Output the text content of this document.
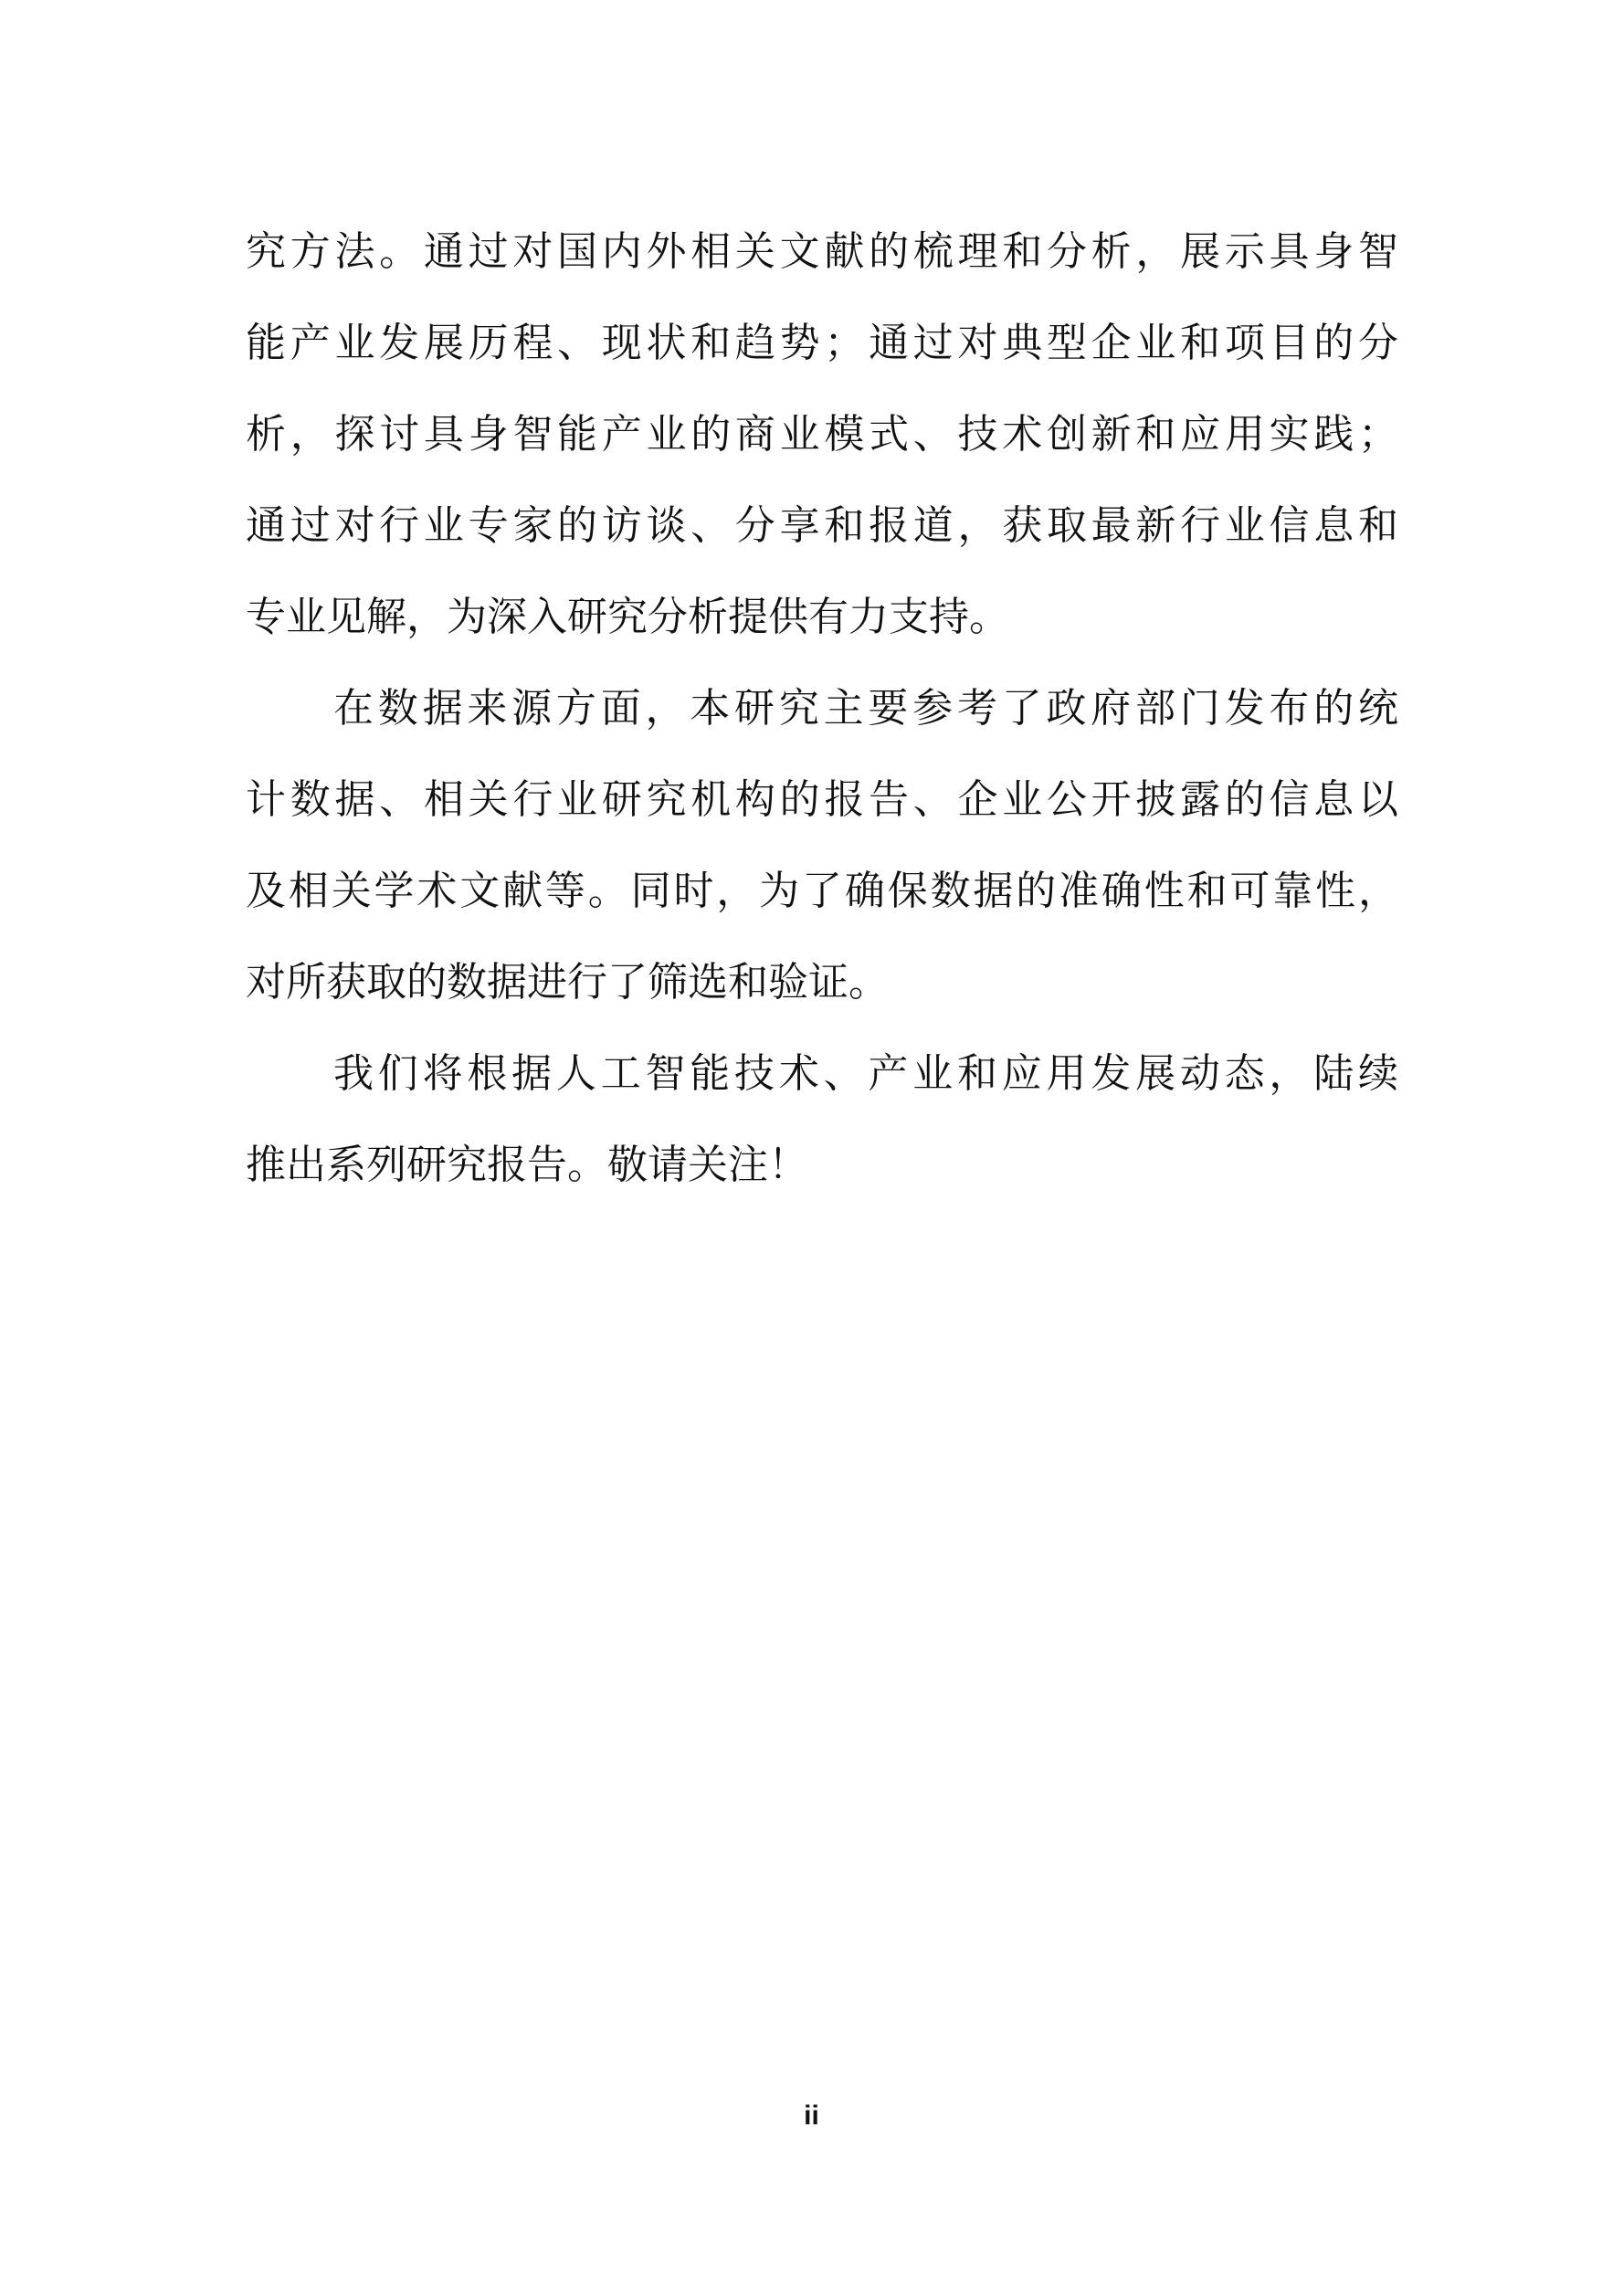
究方法。通过对国内外相关文献的梳理和分析，展示具身智
能产业发展历程、现状和趋势；通过对典型企业和项目的分
析，探讨具身智能产业的商业模式、技术创新和应用实践；
通过对行业专家的访谈、分享和报道，获取最新行业信息和
专业见解，为深入研究分析提供有力支持。
在数据来源方面，本研究主要参考了政府部门发布的统
计数据、相关行业研究机构的报告、企业公开披露的信息以
及相关学术文献等。同时，为了确保数据的准确性和可靠性，
对所获取的数据进行了筛选和验证。
我们将根据人工智能技术、产业和应用发展动态，陆续
推出系列研究报告。敬请关注！
ii
